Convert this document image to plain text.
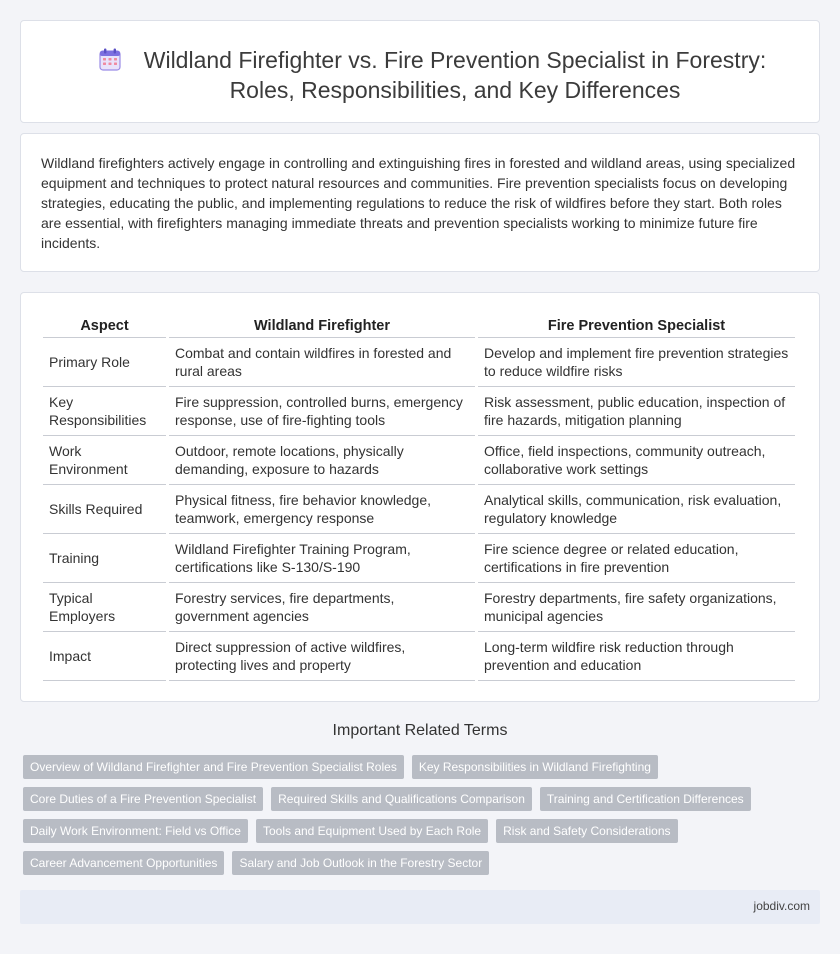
Wildland Firefighter vs. Fire Prevention Specialist in Forestry: Roles, Responsibilities, and Key Differences

Wildland firefighters actively engage in controlling and extinguishing fires in forested and wildland areas, using specialized equipment and techniques to protect natural resources and communities. Fire prevention specialists focus on developing strategies, educating the public, and implementing regulations to reduce the risk of wildfires before they start. Both roles are essential, with firefighters managing immediate threats and prevention specialists working to minimize future fire incidents.

Aspect	Wildland Firefighter	Fire Prevention Specialist
Primary Role	Combat and contain wildfires in forested and rural areas	Develop and implement fire prevention strategies to reduce wildfire risks
Key Responsibilities	Fire suppression, controlled burns, emergency response, use of fire-fighting tools	Risk assessment, public education, inspection of fire hazards, mitigation planning
Work Environment	Outdoor, remote locations, physically demanding, exposure to hazards	Office, field inspections, community outreach, collaborative work settings
Skills Required	Physical fitness, fire behavior knowledge, teamwork, emergency response	Analytical skills, communication, risk evaluation, regulatory knowledge
Training	Wildland Firefighter Training Program, certifications like S-130/S-190	Fire science degree or related education, certifications in fire prevention
Typical Employers	Forestry services, fire departments, government agencies	Forestry departments, fire safety organizations, municipal agencies
Impact	Direct suppression of active wildfires, protecting lives and property	Long-term wildfire risk reduction through prevention and education
Important Related Terms
Overview of Wildland Firefighter and Fire Prevention Specialist Roles	Key Responsibilities in Wildland Firefighting
Core Duties of a Fire Prevention Specialist	Required Skills and Qualifications Comparison	Training and Certification Differences
Daily Work Environment: Field vs Office	Tools and Equipment Used by Each Role	Risk and Safety Considerations
Career Advancement Opportunities	Salary and Job Outlook in the Forestry Sector
jobdiv.com
